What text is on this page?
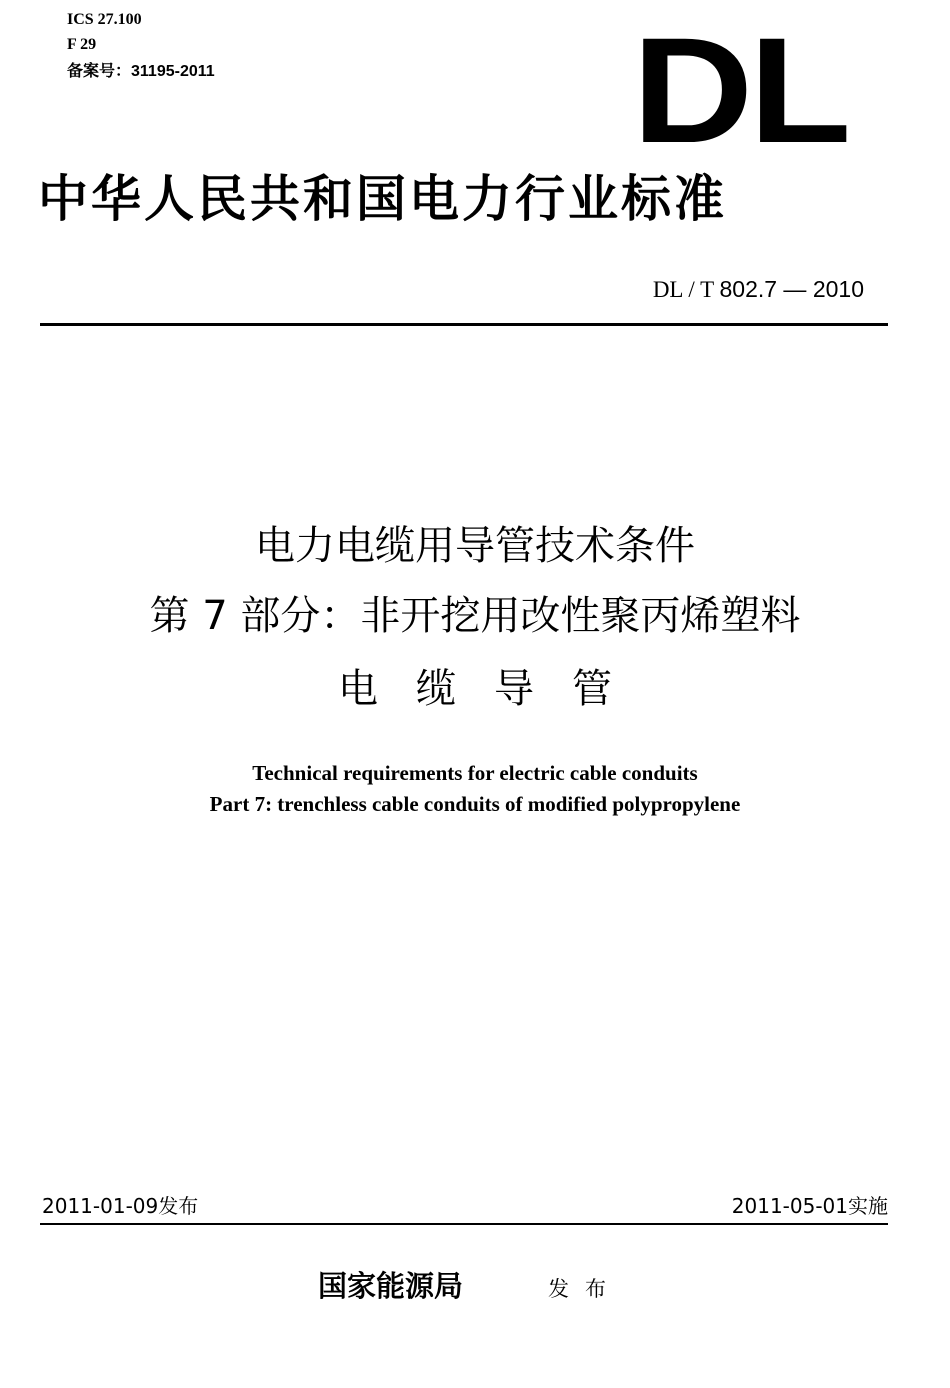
ICS 27.100
F 29
备案号：31195-2011	DL
中华人民共和国电力行业标准
DL / T 802.7 — 2010
电力电缆用导管技术条件
第 7 部分：非开挖用改性聚丙烯塑料
电缆导管
Technical requirements for electric cable conduits
Part 7: trenchless cable conduits of modified polypropylene
2011-01-09发布	2011-05-01实施
国家能源局	发布
